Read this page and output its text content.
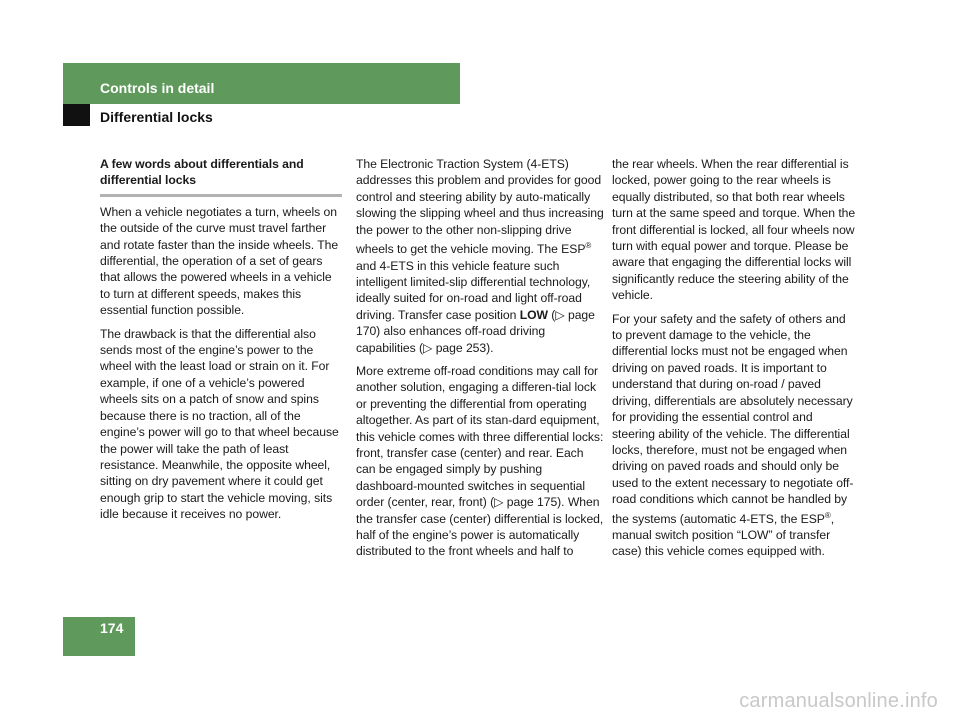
Controls in detail
Differential locks

A few words about differentials and differential locks

When a vehicle negotiates a turn, wheels on the outside of the curve must travel farther and rotate faster than the inside wheels. The differential, the operation of a set of gears that allows the powered wheels in a vehicle to turn at different speeds, makes this essential function possible.

The drawback is that the differential also sends most of the engine’s power to the wheel with the least load or strain on it. For example, if one of a vehicle’s powered wheels sits on a patch of snow and spins because there is no traction, all of the engine’s power will go to that wheel because the power will take the path of least resistance. Meanwhile, the opposite wheel, sitting on dry pavement where it could get enough grip to start the vehicle moving, sits idle because it receives no power.

The Electronic Traction System (4-ETS) addresses this problem and provides for good control and steering ability by auto-matically slowing the slipping wheel and thus increasing the power to the other non-slipping drive wheels to get the vehicle moving. The ESP® and 4-ETS in this vehicle feature such intelligent limited-slip differential technology, ideally suited for on-road and light off-road driving. Transfer case position LOW (▷ page 170) also enhances off-road driving capabilities (▷ page 253).

More extreme off-road conditions may call for another solution, engaging a differen-tial lock or preventing the differential from operating altogether. As part of its stan-dard equipment, this vehicle comes with three differential locks: front, transfer case (center) and rear. Each can be engaged simply by pushing dashboard-mounted switches in sequential order (center, rear, front) (▷ page 175). When the transfer case (center) differential is locked, half of the engine’s power is automatically distributed to the front wheels and half to

the rear wheels. When the rear differential is locked, power going to the rear wheels is equally distributed, so that both rear wheels turn at the same speed and torque. When the front differential is locked, all four wheels now turn with equal power and torque. Please be aware that engaging the differential locks will significantly reduce the steering ability of the vehicle.

For your safety and the safety of others and to prevent damage to the vehicle, the differential locks must not be engaged when driving on paved roads. It is important to understand that during on-road / paved driving, differentials are absolutely necessary for providing the essential control and steering ability of the vehicle. The differential locks, therefore, must not be engaged when driving on paved roads and should only be used to the extent necessary to negotiate off-road conditions which cannot be handled by the systems (automatic 4-ETS, the ESP®, manual switch position “LOW” of transfer case) this vehicle comes equipped with.

174
carmanualsonline.info
